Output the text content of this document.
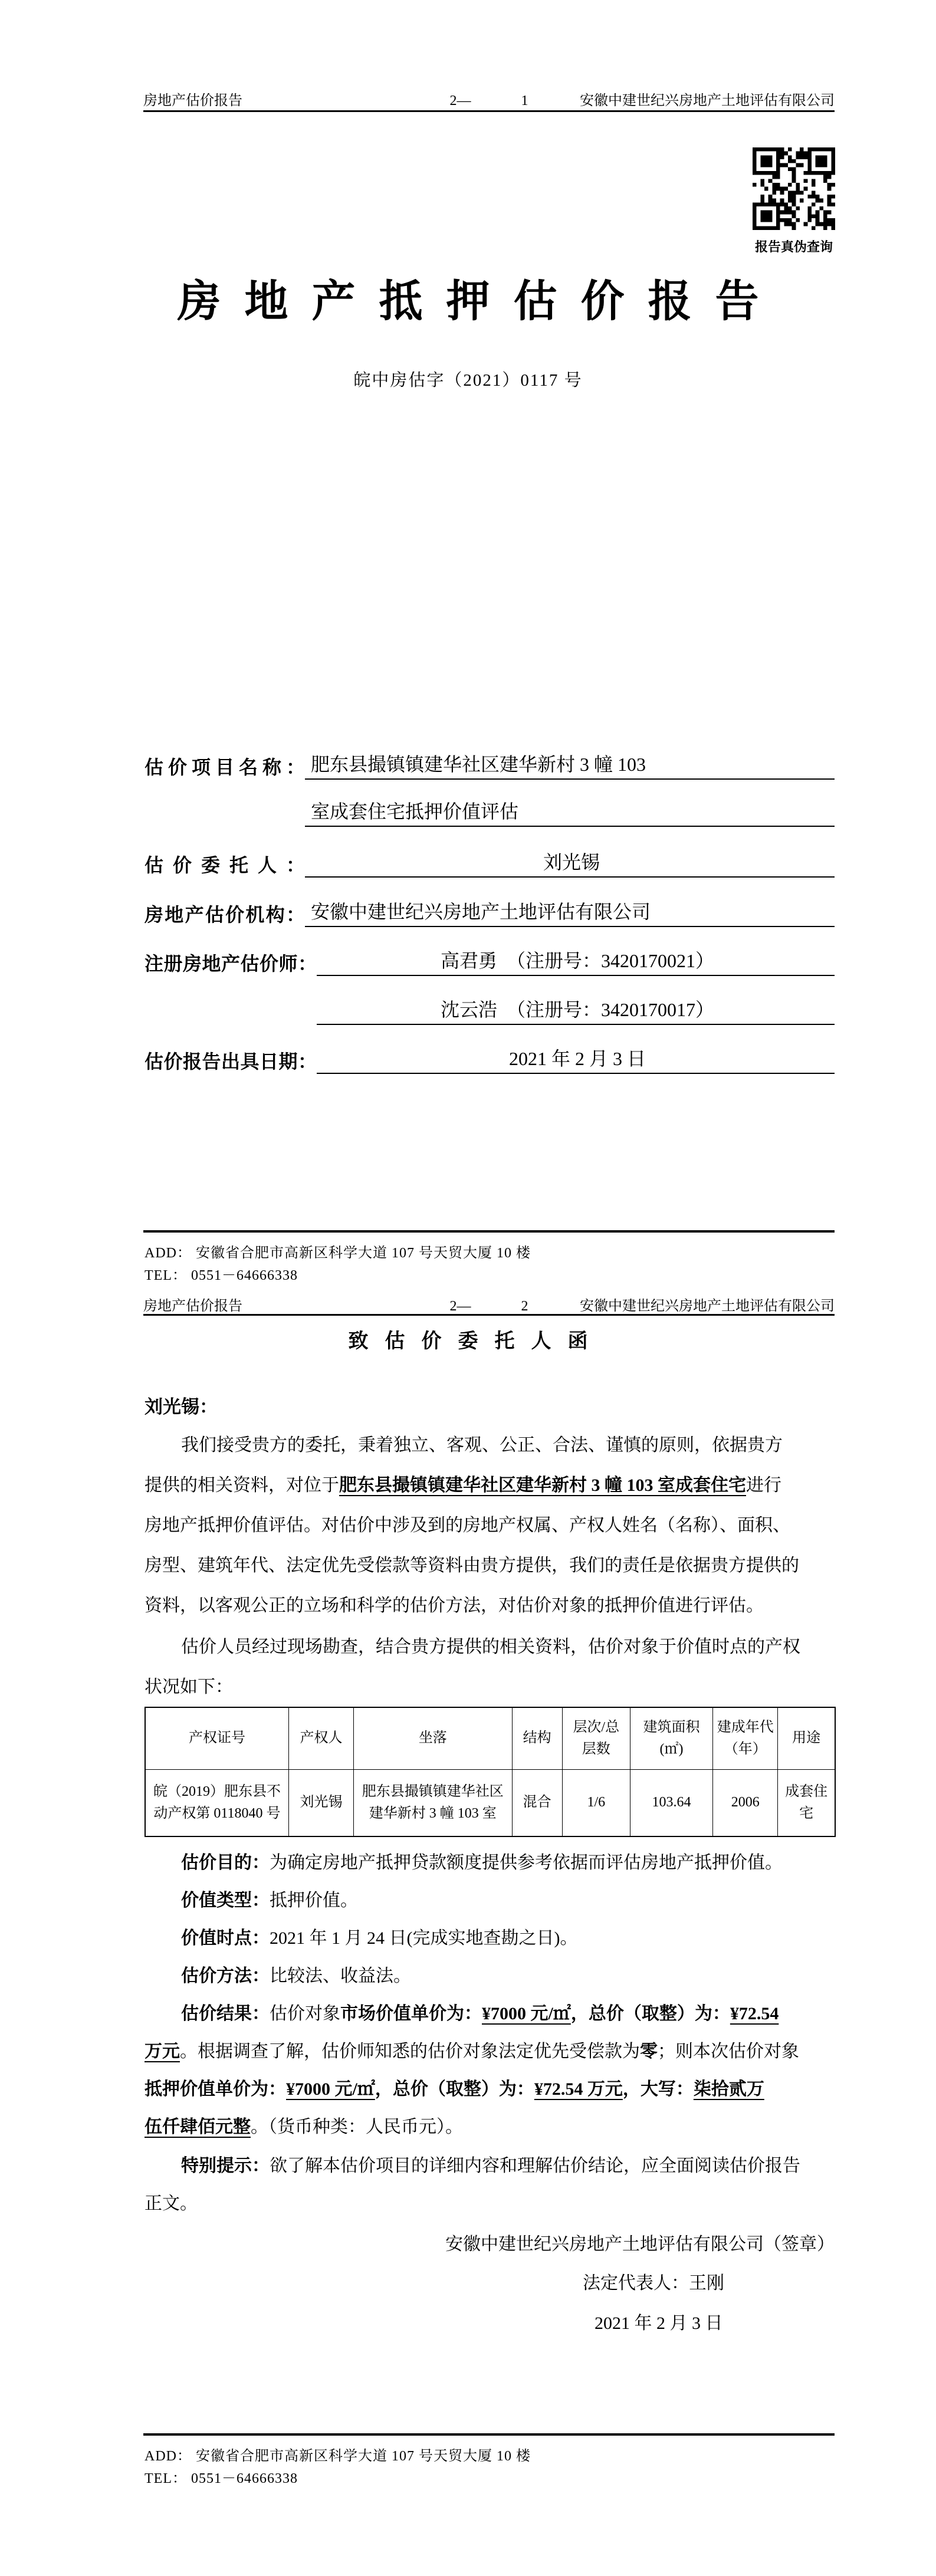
房地产估价报告	2—	1	安徽中建世纪兴房地产土地评估有限公司
报告真伪查询
房地产抵押估价报告
皖中房估字（2021）0117 号
估价项目名称： 肥东县撮镇镇建华社区建华新村 3 幢 103
室成套住宅抵押价值评估
估价委托人：	刘光锡
房地产估价机构： 安徽中建世纪兴房地产土地评估有限公司
注册房地产估价师：	高君勇　（注册号：3420170021）
沈云浩　（注册号：3420170017）
估价报告出具日期：	2021 年 2 月 3 日
ADD： 安徽省合肥市高新区科学大道 107 号天贸大厦 10 楼
TEL： 0551－64666338
房地产估价报告	2—	2	安徽中建世纪兴房地产土地评估有限公司
致估价委托人函
刘光锡：
我们接受贵方的委托，秉着独立、客观、公正、合法、谨慎的原则，依据贵方
提供的相关资料，对位于肥东县撮镇镇建华社区建华新村 3 幢 103 室成套住宅进行
房地产抵押价值评估。对估价中涉及到的房地产权属、产权人姓名（名称）、面积、
房型、建筑年代、法定优先受偿款等资料由贵方提供，我们的责任是依据贵方提供的
资料，以客观公正的立场和科学的估价方法，对估价对象的抵押价值进行评估。
估价人员经过现场勘查，结合贵方提供的相关资料，估价对象于价值时点的产权
状况如下：
产权证号	产权人	坐落	结构	层次/总层数	建筑面积(㎡)	建成年代（年）	用途
皖（2019）肥东县不动产权第 0118040 号	刘光锡	肥东县撮镇镇建华社区建华新村 3 幢 103 室	混合	1/6	103.64	2006	成套住宅
估价目的：为确定房地产抵押贷款额度提供参考依据而评估房地产抵押价值。
价值类型：抵押价值。
价值时点：2021 年 1 月 24 日(完成实地查勘之日)。
估价方法：比较法、收益法。
估价结果：估价对象市场价值单价为：¥7000 元/㎡，总价（取整）为：¥72.54
万元。根据调查了解，估价师知悉的估价对象法定优先受偿款为零；则本次估价对象
抵押价值单价为：¥7000 元/㎡，总价（取整）为：¥72.54 万元，大写：柒拾贰万
伍仟肆佰元整。（货币种类：人民币元）。
特别提示：欲了解本估价项目的详细内容和理解估价结论，应全面阅读估价报告
正文。
安徽中建世纪兴房地产土地评估有限公司（签章）
法定代表人：王刚
2021 年 2 月 3 日
ADD： 安徽省合肥市高新区科学大道 107 号天贸大厦 10 楼
TEL： 0551－64666338
